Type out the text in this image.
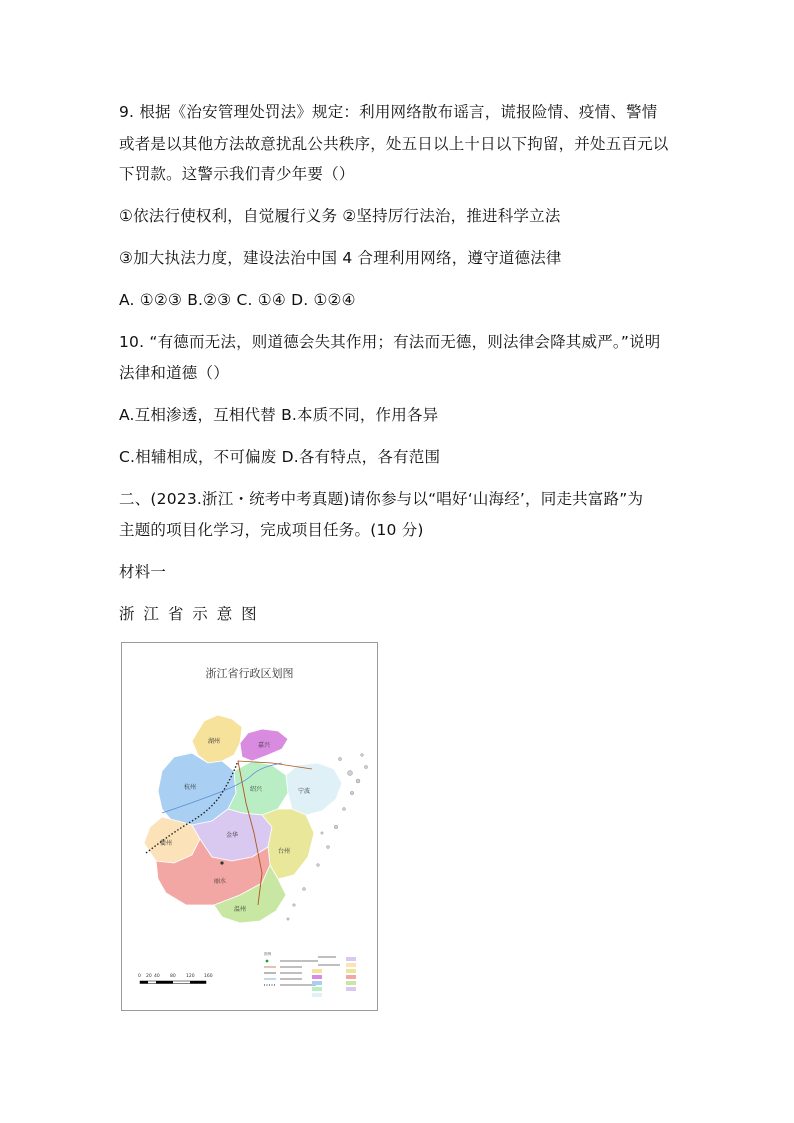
9. 根据《治安管理处罚法》规定：利用网络散布谣言，谎报险情、疫情、警情
或者是以其他方法故意扰乱公共秩序，处五日以上十日以下拘留，并处五百元以
下罚款。这警示我们青少年要（）
①依法行使权利，自觉履行义务 ②坚持厉行法治，推进科学立法
③加大执法力度，建设法治中国 4 合理利用网络，遵守道德法律
A. ①②③ B.②③ C. ①④ D. ①②④
10. “有德而无法，则道德会失其作用；有法而无德，则法律会降其威严。”说明
法律和道德（）
A.互相渗透，互相代替 B.本质不同，作用各异
C.相辅相成，不可偏废 D.各有特点，各有范围
二、(2023.浙江・统考中考真题)请你参与以“唱好‘山海经’，同走共富路”为
主题的项目化学习，完成项目任务。(10 分)
材料一
浙 江 省 示 意 图
浙江省行政区划图
湖州
嘉兴
杭州	绍兴	宁波
金华
衢州
台州
丽水
温州
0 20 40 80 120 160
图例
